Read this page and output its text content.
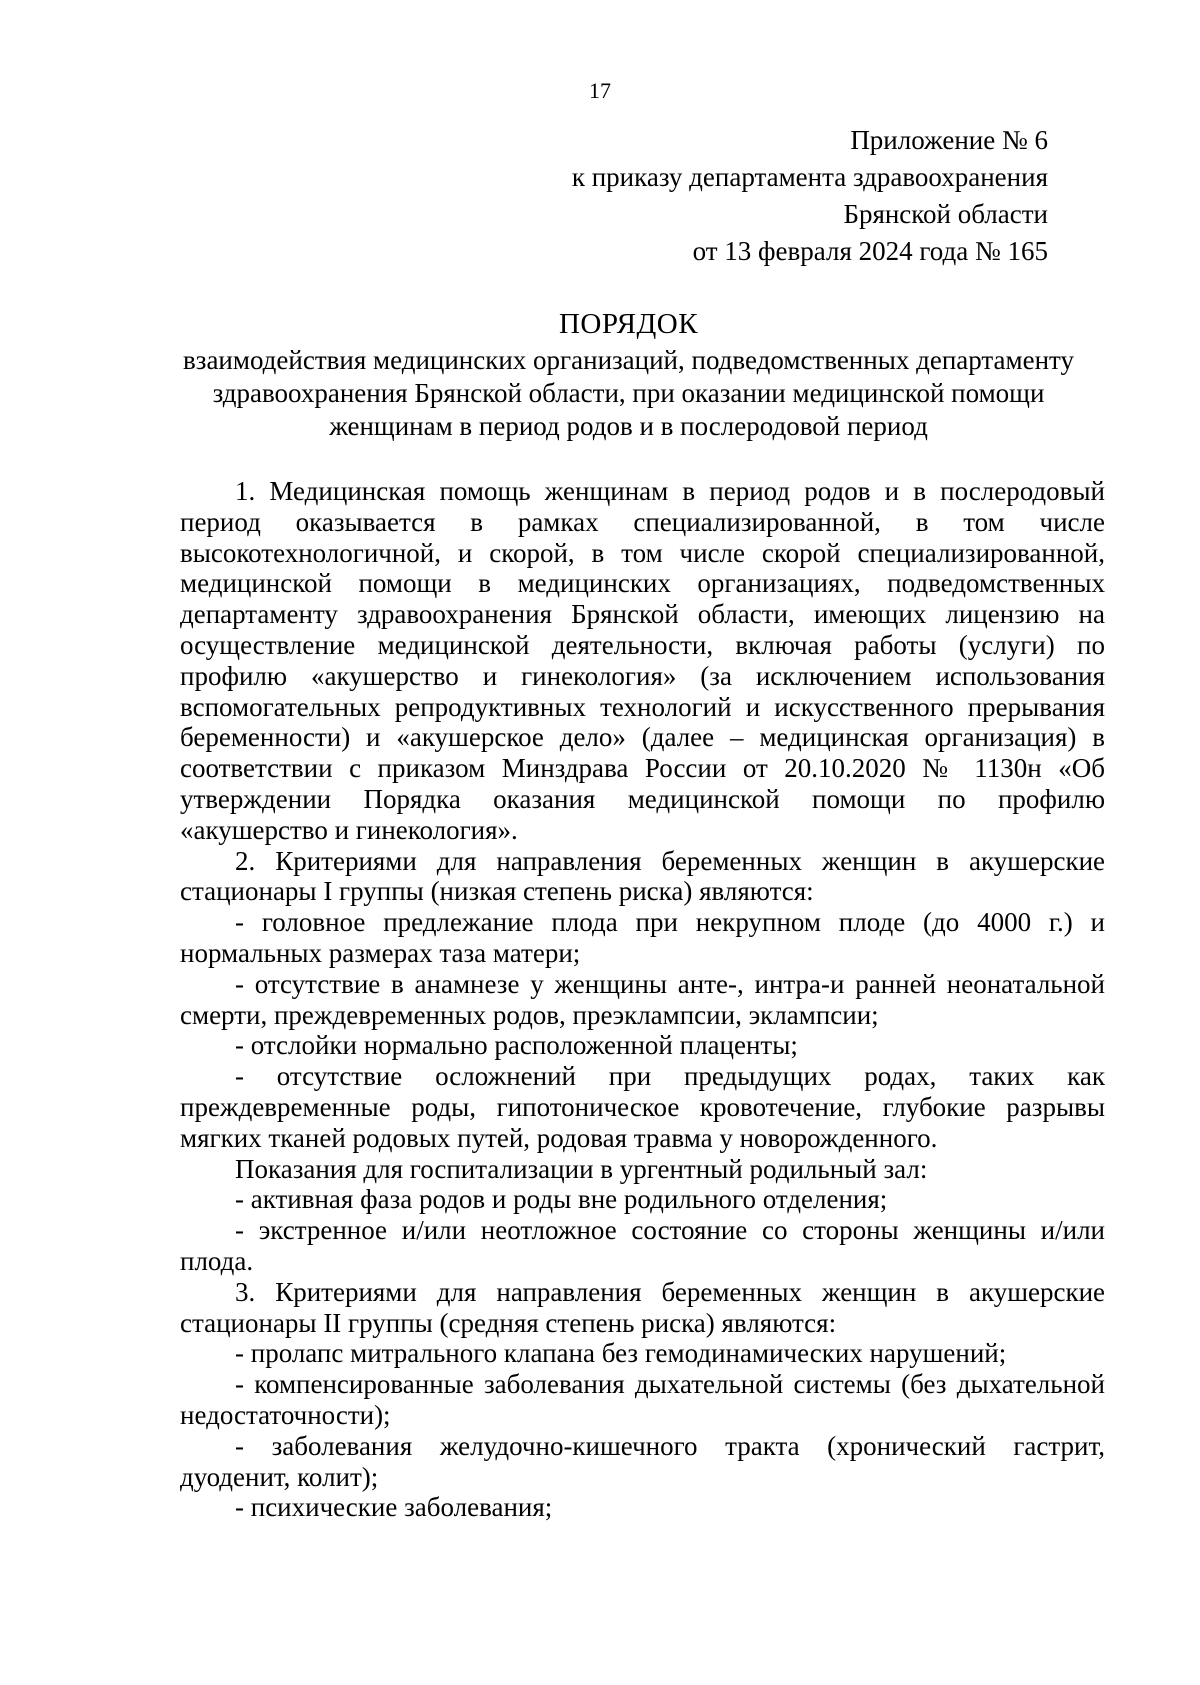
17
Приложение № 6
к приказу департамента здравоохранения
Брянской области
от 13 февраля 2024 года № 165
ПОРЯДОК
взаимодействия медицинских организаций, подведомственных департаменту
здравоохранения Брянской области, при оказании медицинской помощи
женщинам в период родов и в послеродовой период

1. Медицинская помощь женщинам в период родов и в послеродовый период оказывается в рамках специализированной, в том числе высокотехнологичной, и скорой, в том числе скорой специализированной, медицинской помощи в медицинских организациях, подведомственных департаменту здравоохранения Брянской области, имеющих лицензию на осуществление медицинской деятельности, включая работы (услуги) по профилю «акушерство и гинекология» (за исключением использования вспомогательных репродуктивных технологий и искусственного прерывания беременности) и «акушерское дело» (далее – медицинская организация) в соответствии с приказом Минздрава России от 20.10.2020 № 1130н «Об утверждении Порядка оказания медицинской помощи по профилю «акушерство и гинекология».

2. Критериями для направления беременных женщин в акушерские стационары I группы (низкая степень риска) являются:

- головное предлежание плода при некрупном плоде (до 4000 г.) и нормальных размерах таза матери;

- отсутствие в анамнезе у женщины анте-, интра-и ранней неонатальной смерти, преждевременных родов, преэклампсии, эклампсии;

- отслойки нормально расположенной плаценты;

- отсутствие осложнений при предыдущих родах, таких как преждевременные роды, гипотоническое кровотечение, глубокие разрывы мягких тканей родовых путей, родовая травма у новорожденного.

Показания для госпитализации в ургентный родильный зал:

- активная фаза родов и роды вне родильного отделения;

- экстренное и/или неотложное состояние со стороны женщины и/или плода.

3. Критериями для направления беременных женщин в акушерские стационары II группы (средняя степень риска) являются:

- пролапс митрального клапана без гемодинамических нарушений;

- компенсированные заболевания дыхательной системы (без дыхательной недостаточности);

- заболевания желудочно-кишечного тракта (хронический гастрит, дуоденит, колит);

- психические заболевания;
